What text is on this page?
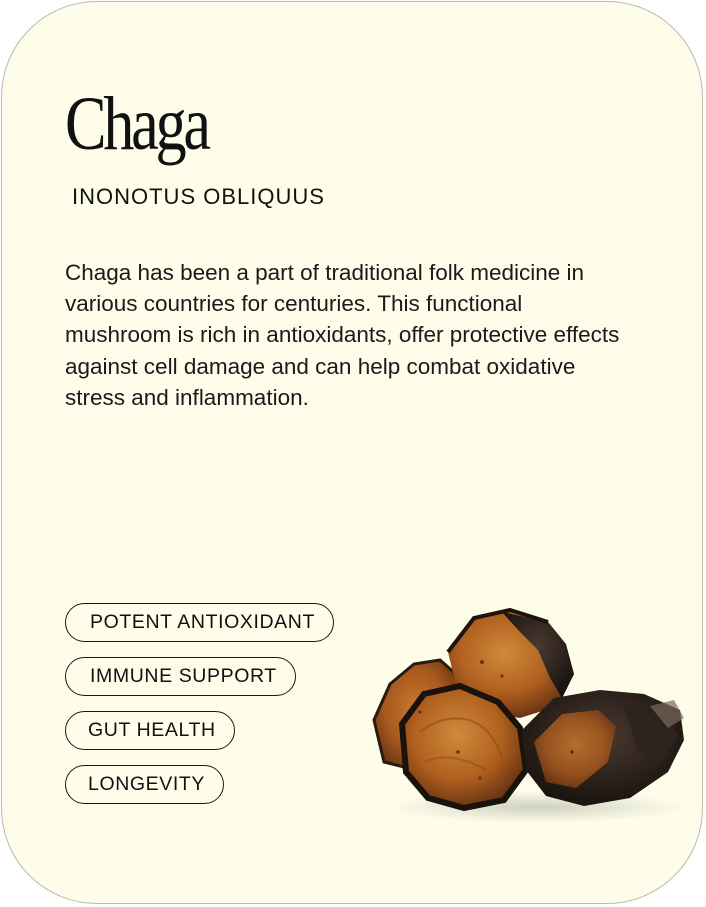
Chaga

INONOTUS OBLIQUUS

Chaga has been a part of traditional folk medicine in various countries for centuries. This functional mushroom is rich in antioxidants, offer protective effects against cell damage and can help combat oxidative stress and inflammation.

POTENT ANTIOXIDANT
IMMUNE SUPPORT
GUT HEALTH
LONGEVITY
